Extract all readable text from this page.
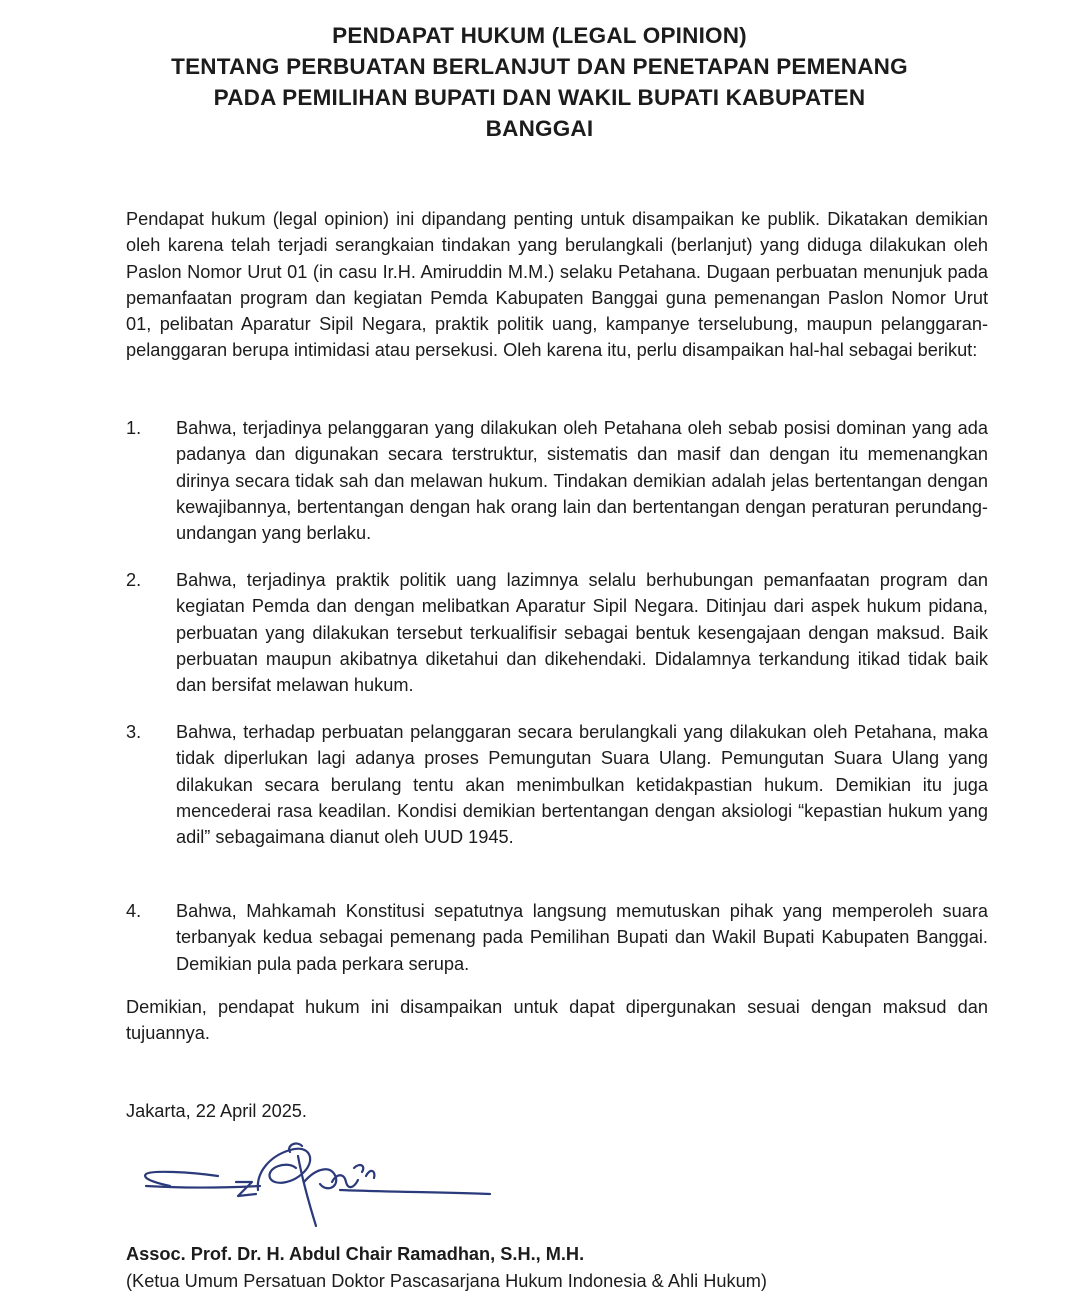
PENDAPAT HUKUM (LEGAL OPINION)
TENTANG PERBUATAN BERLANJUT DAN PENETAPAN PEMENANG
PADA PEMILIHAN BUPATI DAN WAKIL BUPATI KABUPATEN
BANGGAI
Pendapat hukum (legal opinion) ini dipandang penting untuk disampaikan ke publik. Dikatakan demikian oleh karena telah terjadi serangkaian tindakan yang berulangkali (berlanjut) yang diduga dilakukan oleh Paslon Nomor Urut 01 (in casu Ir.H. Amiruddin M.M.) selaku Petahana. Dugaan perbuatan menunjuk pada pemanfaatan program dan kegiatan Pemda Kabupaten Banggai guna pemenangan Paslon Nomor Urut 01, pelibatan Aparatur Sipil Negara, praktik politik uang, kampanye terselubung, maupun pelanggaran-pelanggaran berupa intimidasi atau persekusi. Oleh karena itu, perlu disampaikan hal-hal sebagai berikut:
1. Bahwa, terjadinya pelanggaran yang dilakukan oleh Petahana oleh sebab posisi dominan yang ada padanya dan digunakan secara terstruktur, sistematis dan masif dan dengan itu memenangkan dirinya secara tidak sah dan melawan hukum. Tindakan demikian adalah jelas bertentangan dengan kewajibannya, bertentangan dengan hak orang lain dan bertentangan dengan peraturan perundang-undangan yang berlaku.
2. Bahwa, terjadinya praktik politik uang lazimnya selalu berhubungan pemanfaatan program dan kegiatan Pemda dan dengan melibatkan Aparatur Sipil Negara. Ditinjau dari aspek hukum pidana, perbuatan yang dilakukan tersebut terkualifisir sebagai bentuk kesengajaan dengan maksud. Baik perbuatan maupun akibatnya diketahui dan dikehendaki. Didalamnya terkandung itikad tidak baik dan bersifat melawan hukum.
3. Bahwa, terhadap perbuatan pelanggaran secara berulangkali yang dilakukan oleh Petahana, maka tidak diperlukan lagi adanya proses Pemungutan Suara Ulang. Pemungutan Suara Ulang yang dilakukan secara berulang tentu akan menimbulkan ketidakpastian hukum. Demikian itu juga mencederai rasa keadilan. Kondisi demikian bertentangan dengan aksiologi “kepastian hukum yang adil” sebagaimana dianut oleh UUD 1945.
4. Bahwa, Mahkamah Konstitusi sepatutnya langsung memutuskan pihak yang memperoleh suara terbanyak kedua sebagai pemenang pada Pemilihan Bupati dan Wakil Bupati Kabupaten Banggai. Demikian pula pada perkara serupa.
Demikian, pendapat hukum ini disampaikan untuk dapat dipergunakan sesuai dengan maksud dan tujuannya.
Jakarta, 22 April 2025.
Assoc. Prof. Dr. H. Abdul Chair Ramadhan, S.H., M.H.
(Ketua Umum Persatuan Doktor Pascasarjana Hukum Indonesia & Ahli Hukum)
